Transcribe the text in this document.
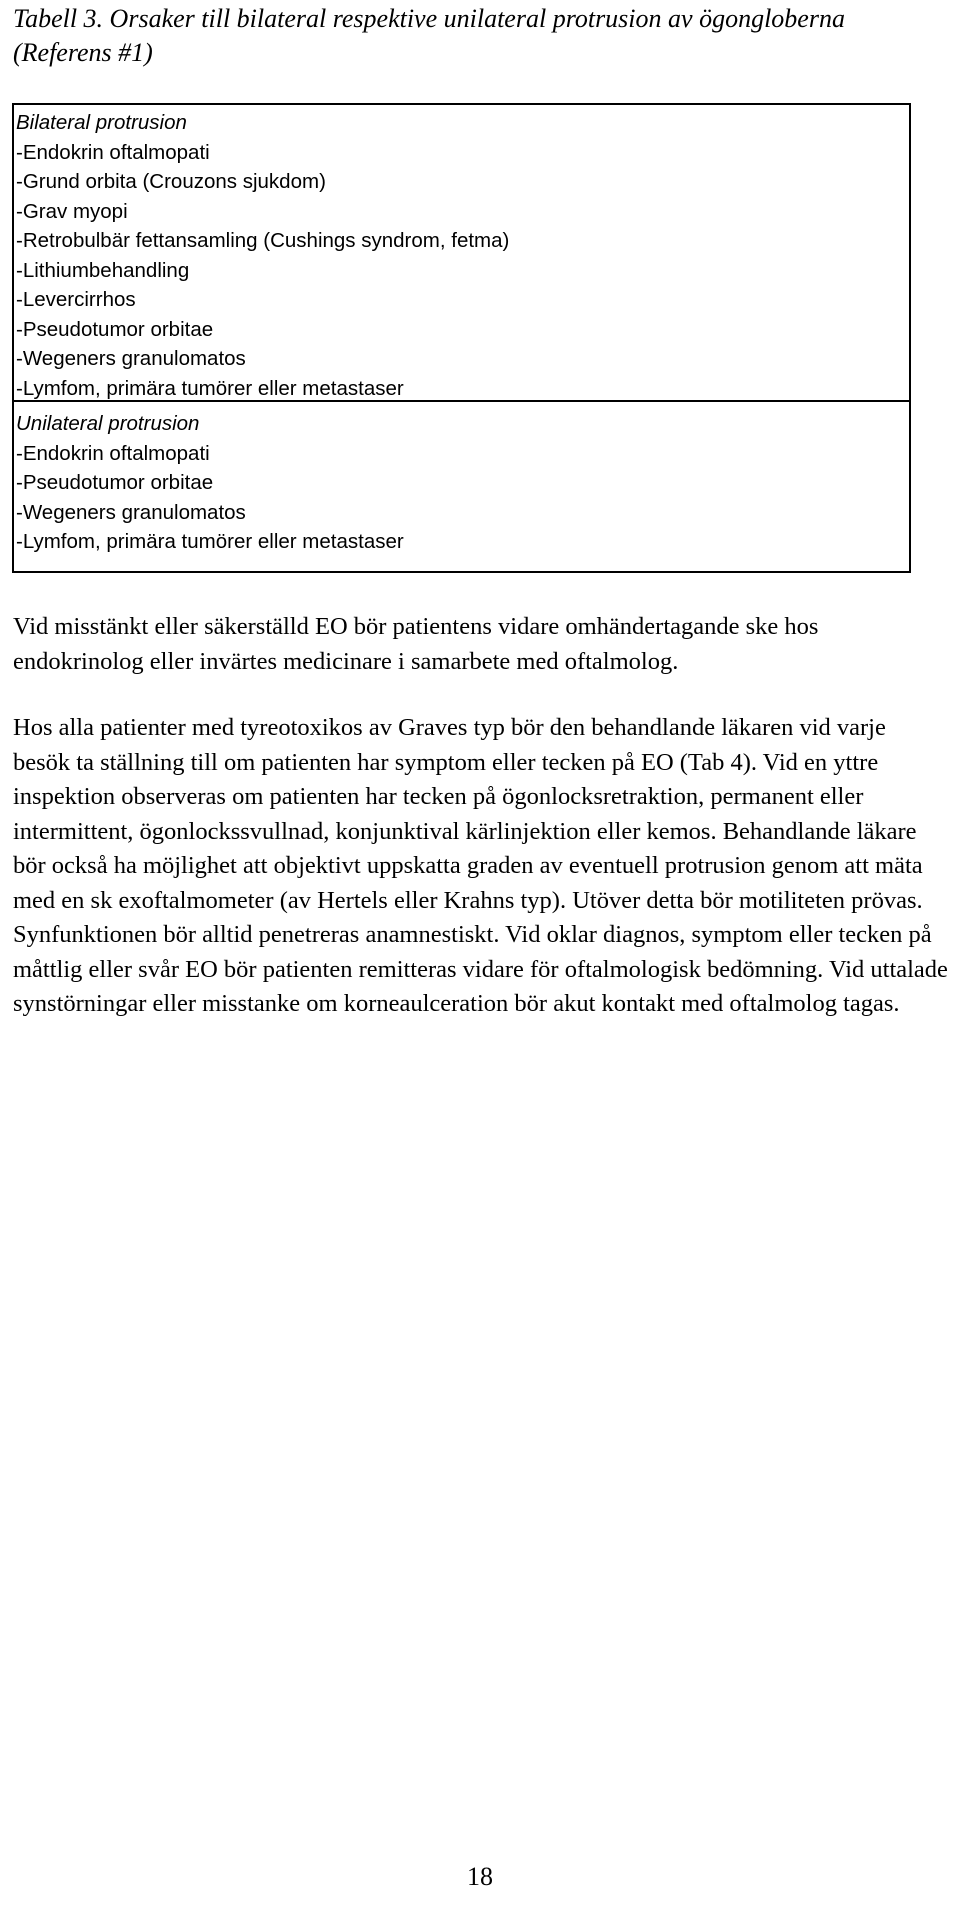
Tabell 3. Orsaker till bilateral respektive unilateral protrusion av ögongloberna (Referens #1)
Bilateral protrusion
-Endokrin oftalmopati
-Grund orbita (Crouzons sjukdom)
-Grav myopi
-Retrobulbär fettansamling (Cushings syndrom, fetma)
-Lithiumbehandling
-Levercirrhos
-Pseudotumor orbitae
-Wegeners granulomatos
-Lymfom, primära tumörer eller metastaser
Unilateral protrusion
-Endokrin oftalmopati
-Pseudotumor orbitae
-Wegeners granulomatos
-Lymfom, primära tumörer eller metastaser

Vid misstänkt eller säkerställd EO bör patientens vidare omhändertagande ske hos endokrinolog eller invärtes medicinare i samarbete med oftalmolog.

Hos alla patienter med tyreotoxikos av Graves typ bör den behandlande läkaren vid varje besök ta ställning till om patienten har symptom eller tecken på EO (Tab 4). Vid en yttre inspektion observeras om patienten har tecken på ögonlocksretraktion, permanent eller intermittent, ögonlockssvullnad, konjunktival kärlinjektion eller kemos. Behandlande läkare bör också ha möjlighet att objektivt uppskatta graden av eventuell protrusion genom att mäta med en sk exoftalmometer (av Hertels eller Krahns typ). Utöver detta bör motiliteten prövas. Synfunktionen bör alltid penetreras anamnestiskt. Vid oklar diagnos, symptom eller tecken på måttlig eller svår EO bör patienten remitteras vidare för oftalmologisk bedömning. Vid uttalade synstörningar eller misstanke om korneaulceration bör akut kontakt med oftalmolog tagas.

18
